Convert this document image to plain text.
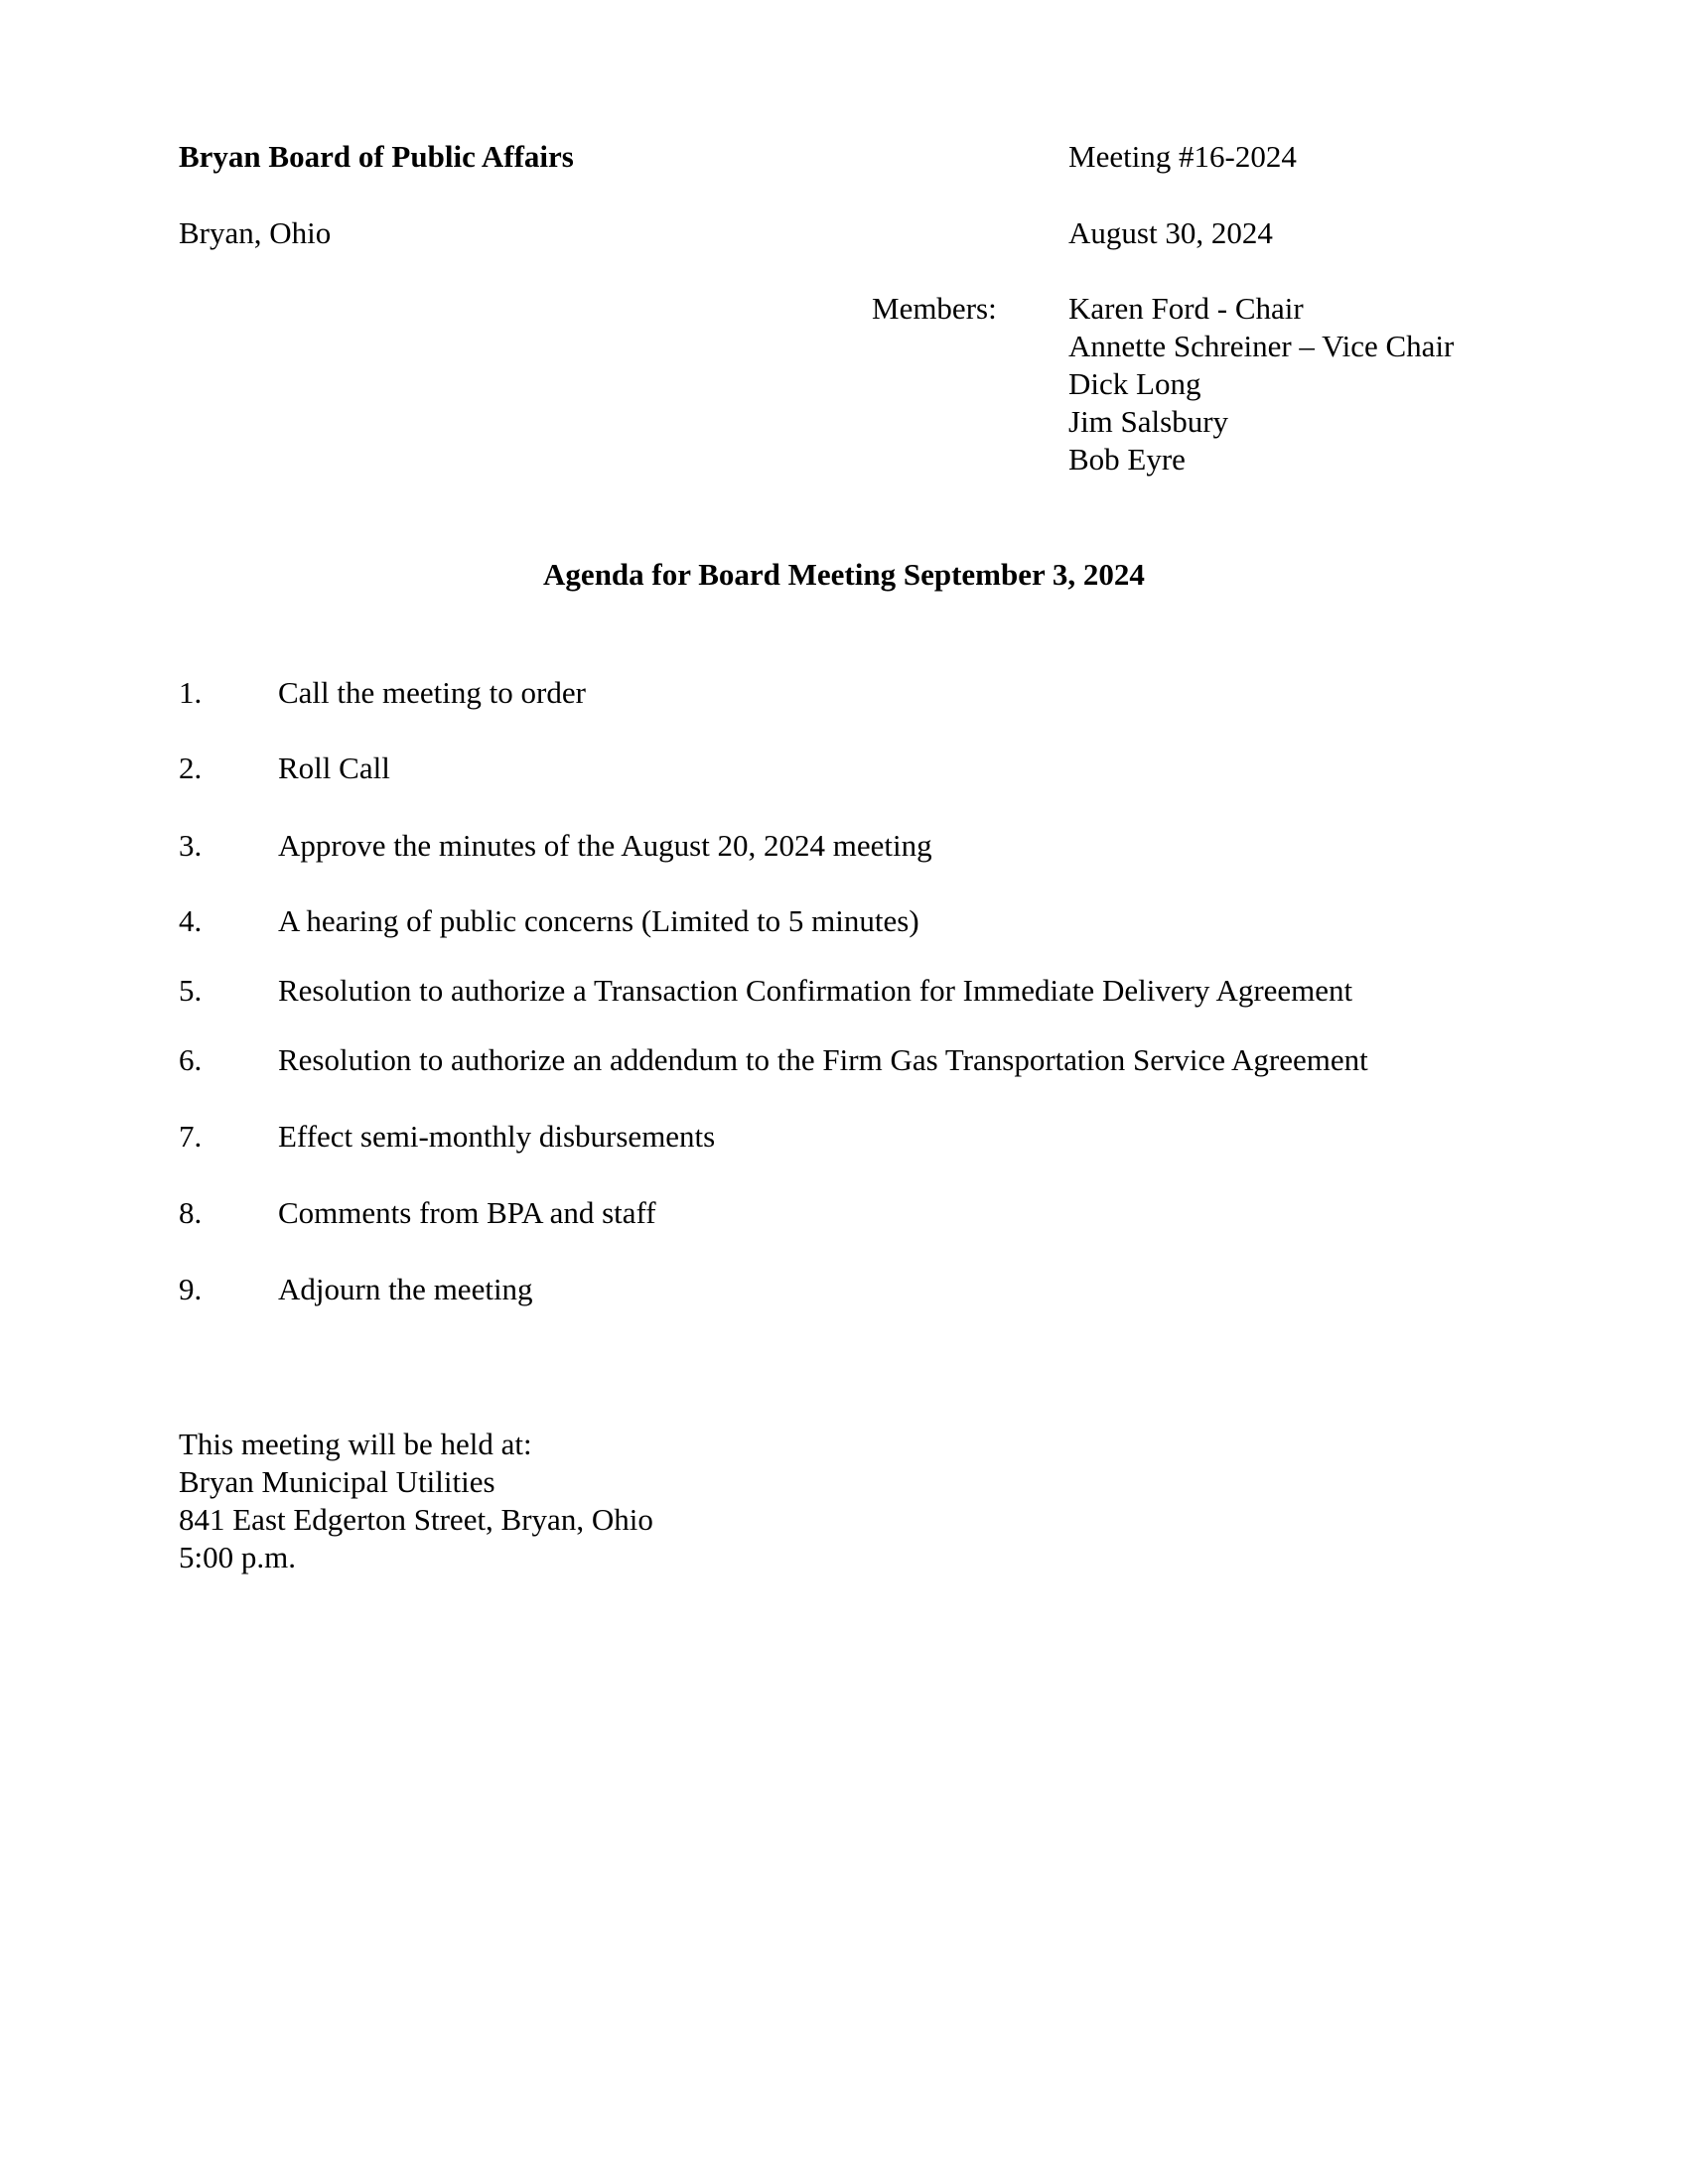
Bryan Board of Public Affairs
Bryan, Ohio
Meeting #16-2024
August 30, 2024
Members: Karen Ford - Chair
Annette Schreiner – Vice Chair
Dick Long
Jim Salsbury
Bob Eyre
Agenda for Board Meeting September 3, 2024
1. Call the meeting to order
2. Roll Call
3. Approve the minutes of the August 20, 2024 meeting
4. A hearing of public concerns (Limited to 5 minutes)
5. Resolution to authorize a Transaction Confirmation for Immediate Delivery Agreement
6. Resolution to authorize an addendum to the Firm Gas Transportation Service Agreement
7. Effect semi-monthly disbursements
8. Comments from BPA and staff
9. Adjourn the meeting
This meeting will be held at:
Bryan Municipal Utilities
841 East Edgerton Street, Bryan, Ohio
5:00 p.m.
